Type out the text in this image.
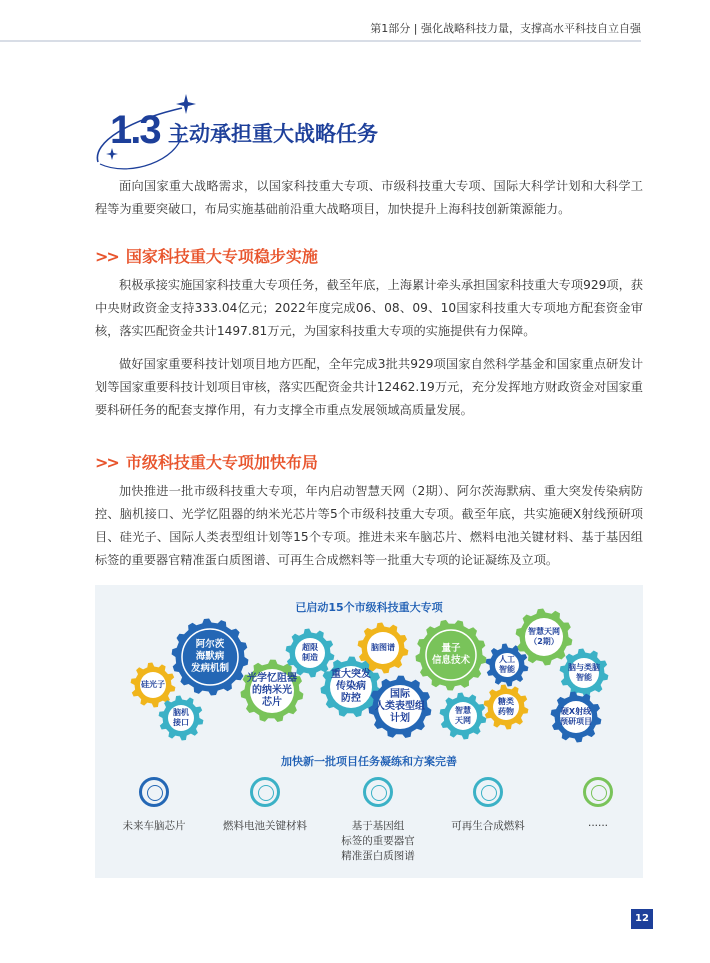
第1部分 | 强化战略科技力量，支撑高水平科技自立自强
1.3 主动承担重大战略任务
面向国家重大战略需求，以国家科技重大专项、市级科技重大专项、国际大科学计划和大科学工程等为重要突破口，布局实施基础前沿重大战略项目，加快提升上海科技创新策源能力。
>> 国家科技重大专项稳步实施
积极承接实施国家科技重大专项任务，截至年底，上海累计牵头承担国家科技重大专项929项，获中央财政资金支持333.04亿元；2022年度完成06、08、09、10国家科技重大专项地方配套资金审核，落实匹配资金共计1497.81万元，为国家科技重大专项的实施提供有力保障。
做好国家重要科技计划项目地方匹配，全年完成3批共929项国家自然科学基金和国家重点研发计划等国家重要科技计划项目审核，落实匹配资金共计12462.19万元，充分发挥地方财政资金对国家重要科研任务的配套支撑作用，有力支撑全市重点发展领域高质量发展。
>> 市级科技重大专项加快布局
加快推进一批市级科技重大专项，年内启动智慧天网（2期）、阿尔茨海默病、重大突发传染病防控、脑机接口、光学忆阻器的纳米光芯片等5个市级科技重大专项。截至年底，共实施硬X射线预研项目、硅光子、国际人类表型组计划等15个专项。推进未来车脑芯片、燃料电池关键材料、基于基因组标签的重要器官精准蛋白质图谱、可再生合成燃料等一批重大专项的论证凝练及立项。
已启动15个市级科技重大专项
阿尔茨
海默病
发病机制
硅光子
脑机
接口
光学忆阻器
的纳米光
芯片
超限
制造
重大突发
传染病
防控
脑图谱
国际
人类表型组
计划
量子
信息技术
智慧
天网
人工
智能
糖类
药物
智慧天网
（2期）
脑与类脑
智能
硬X射线
预研项目
加快新一批项目任务凝练和方案完善
未来车脑芯片	燃料电池关键材料	基于基因组
标签的重要器官
精准蛋白质图谱
可再生合成燃料	······
12
